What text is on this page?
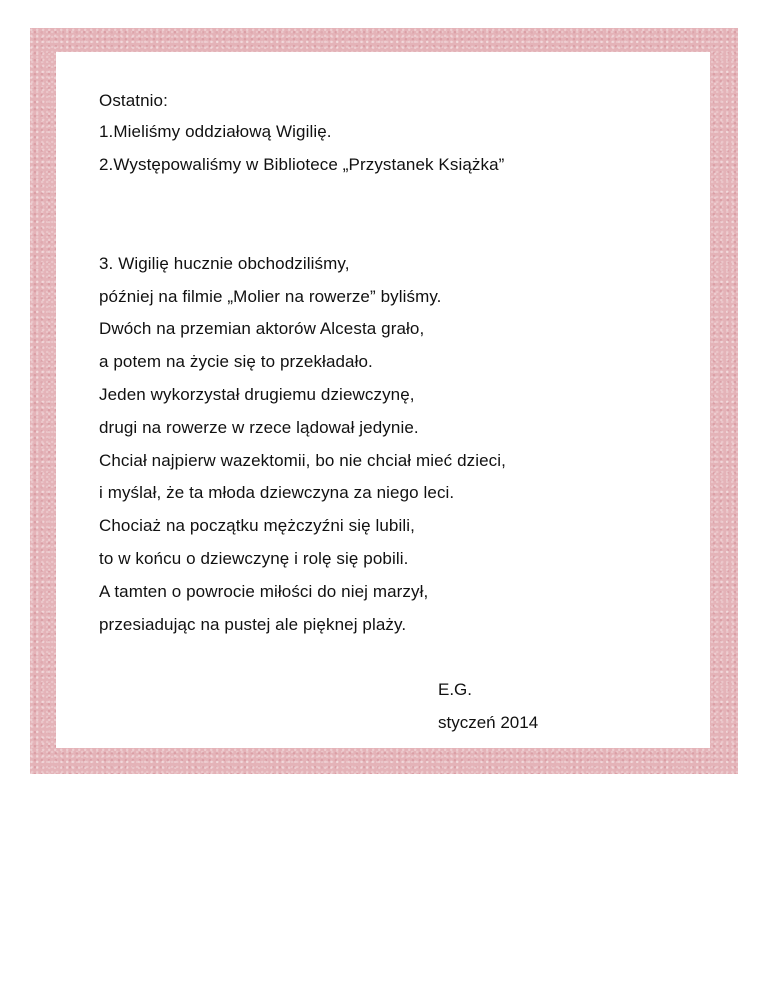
Ostatnio:
1.Mieliśmy oddziałową Wigilię.
2.Występowaliśmy w Bibliotece „Przystanek Książka”
3. Wigilię hucznie obchodziliśmy,
później na filmie „Molier na rowerze” byliśmy.
Dwóch na przemian aktorów Alcesta grało,
a potem na życie się to przekładało.
Jeden wykorzystał drugiemu dziewczynę,
drugi na rowerze w rzece lądował jedynie.
Chciał najpierw wazektomii, bo nie chciał mieć dzieci,
i myślał, że ta młoda dziewczyna za niego leci.
Chociaż na początku mężczyźni się lubili,
to w końcu o dziewczynę i rolę się pobili.
A tamten o powrocie miłości do niej marzył,
przesiadując na pustej ale pięknej plaży.
E.G.
styczeń 2014
